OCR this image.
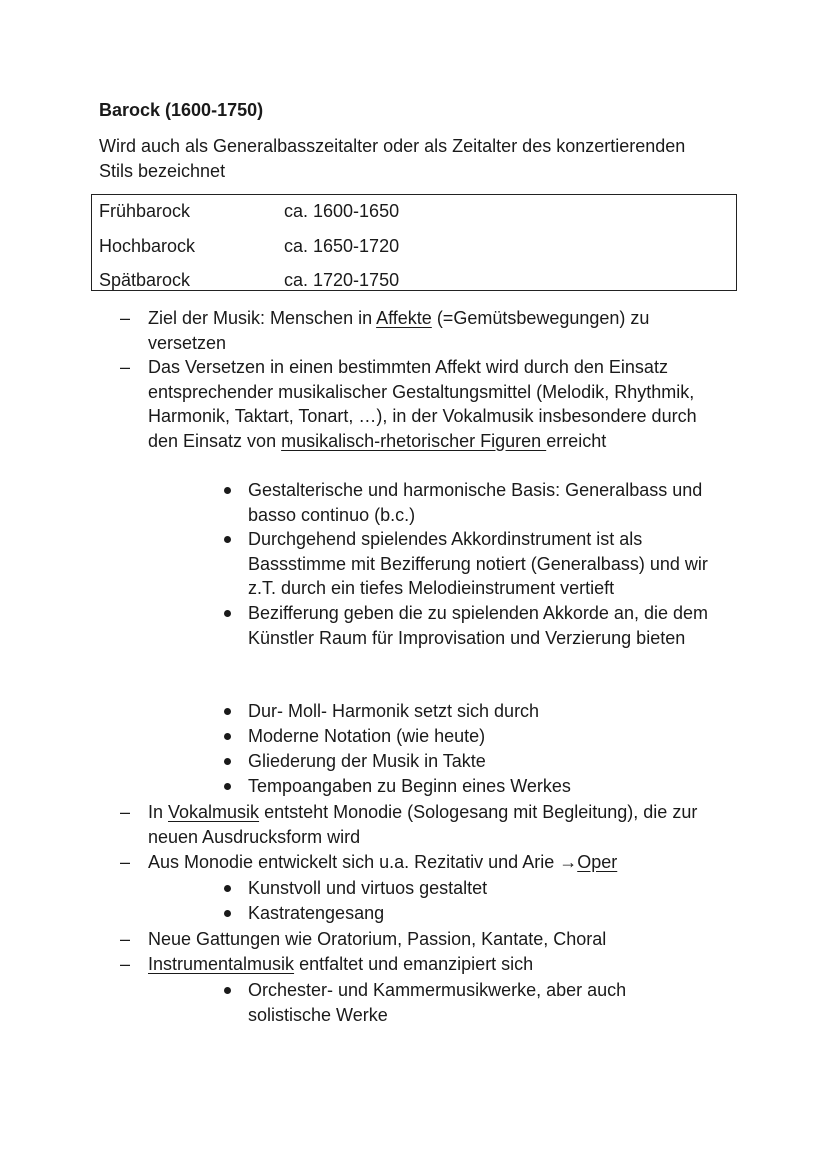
Barock (1600-1750)
Wird auch als Generalbasszeitalter oder als Zeitalter des konzertierenden Stils bezeichnet
Frühbarock	ca. 1600-1650
Hochbarock	ca. 1650-1720
Spätbarock	ca. 1720-1750
– Ziel der Musik: Menschen in Affekte (=Gemütsbewegungen) zu versetzen
– Das Versetzen in einen bestimmten Affekt wird durch den Einsatz entsprechender musikalischer Gestaltungsmittel (Melodik, Rhythmik, Harmonik, Taktart, Tonart, …), in der Vokalmusik insbesondere durch den Einsatz von musikalisch-rhetorischer Figuren erreicht
Gestalterische und harmonische Basis: Generalbass und basso continuo (b.c.)
Durchgehend spielendes Akkordinstrument ist als Bassstimme mit Bezifferung notiert (Generalbass) und wir z.T. durch ein tiefes Melodieinstrument vertieft
Bezifferung geben die zu spielenden Akkorde an, die dem Künstler Raum für Improvisation und Verzierung bieten
Dur- Moll- Harmonik setzt sich durch
Moderne Notation (wie heute)
Gliederung der Musik in Takte
Tempoangaben zu Beginn eines Werkes
– In Vokalmusik entsteht Monodie (Sologesang mit Begleitung), die zur neuen Ausdrucksform wird
– Aus Monodie entwickelt sich u.a. Rezitativ und Arie →Oper
Kunstvoll und virtuos gestaltet
Kastratengesang
– Neue Gattungen wie Oratorium, Passion, Kantate, Choral
– Instrumentalmusik entfaltet und emanzipiert sich
Orchester- und Kammermusikwerke, aber auch solistische Werke
